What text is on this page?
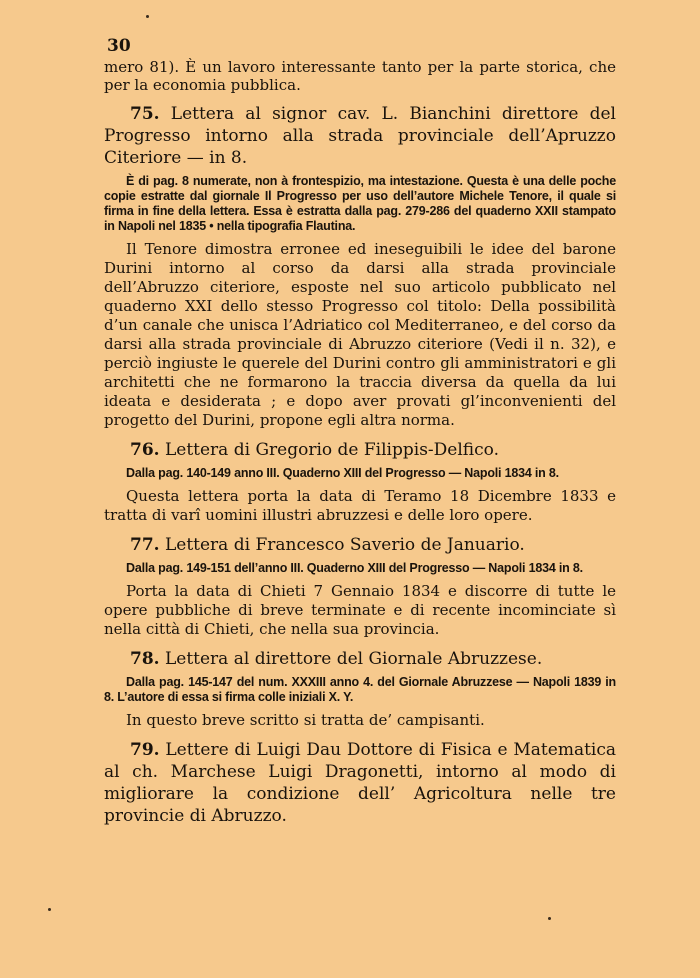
30

mero 81). È un lavoro interessante tanto per la parte storica, che per la economia pubblica.

75. Lettera al signor cav. L. Bianchini direttore del Progresso intorno alla strada provinciale dell’Apruzzo Citeriore — in 8.

È di pag. 8 numerate, non à frontespizio, ma intestazione. Questa è una delle poche copie estratte dal giornale Il Progresso per uso dell’autore Michele Tenore, il quale si firma in fine della lettera. Essa è estratta dalla pag. 279-286 del quaderno XXII stampato in Napoli nel 1835 • nella tipografia Flautina.

Il Tenore dimostra erronee ed ineseguibili le idee del barone Durini intorno al corso da darsi alla strada provinciale dell’Abruzzo citeriore, esposte nel suo articolo pubblicato nel quaderno XXI dello stesso Progresso col titolo: Della possibilità d’un canale che unisca l’Adriatico col Mediterraneo, e del corso da darsi alla strada provinciale di Abruzzo citeriore (Vedi il n. 32), e perciò ingiuste le querele del Durini contro gli amministratori e gli architetti che ne formarono la traccia diversa da quella da lui ideata e desiderata ; e dopo aver provati gl’inconvenienti del progetto del Durini, propone egli altra norma.

76. Lettera di Gregorio de Filippis-Delfico.

Dalla pag. 140-149 anno III. Quaderno XIII del Progresso — Napoli 1834 in 8.

Questa lettera porta la data di Teramo 18 Dicembre 1833 e tratta di varî uomini illustri abruzzesi e delle loro opere.

77. Lettera di Francesco Saverio de Januario.

Dalla pag. 149-151 dell’anno III. Quaderno XIII del Progresso — Napoli 1834 in 8.

Porta la data di Chieti 7 Gennaio 1834 e discorre di tutte le opere pubbliche di breve terminate e di recente incominciate sì nella città di Chieti, che nella sua provincia.

78. Lettera al direttore del Giornale Abruzzese.

Dalla pag. 145-147 del num. XXXIII anno 4. del Giornale Abruzzese — Napoli 1839 in 8. L’autore di essa si firma colle iniziali X. Y.

In questo breve scritto si tratta de’ campisanti.

79. Lettere di Luigi Dau Dottore di Fisica e Matematica al ch. Marchese Luigi Dragonetti, intorno al modo di migliorare la condizione dell’ Agricoltura nelle tre provincie di Abruzzo.
